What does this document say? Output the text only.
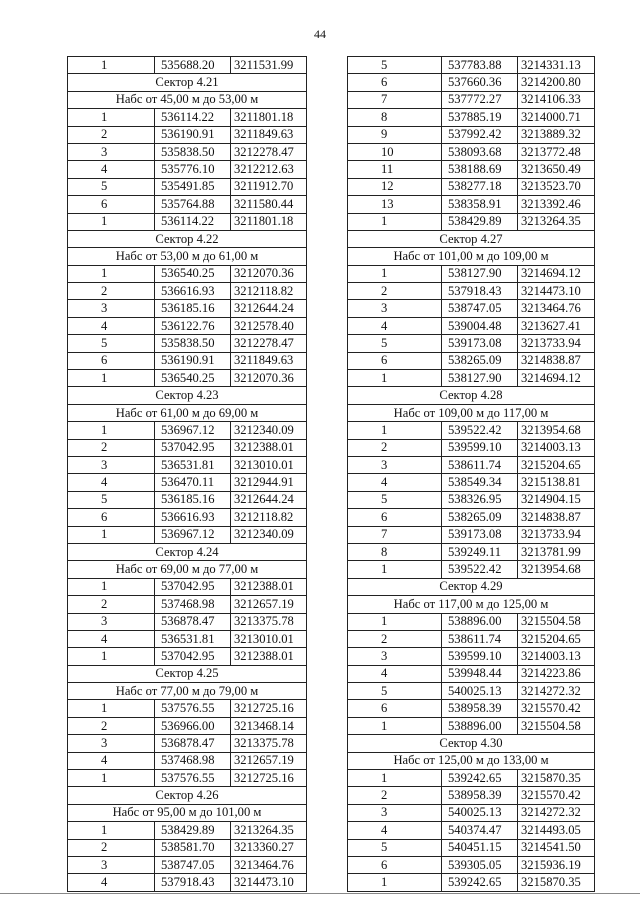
44
1	535688.20	3211531.99
Сектор 4.21		
Набс от 45,00 м до 53,00 м		
1	536114.22	3211801.18
2	536190.91	3211849.63
3	535838.50	3212278.47
4	535776.10	3212212.63
5	535491.85	3211912.70
6	535764.88	3211580.44
1	536114.22	3211801.18
Сектор 4.22		
Набс от 53,00 м до 61,00 м		
1	536540.25	3212070.36
2	536616.93	3212118.82
3	536185.16	3212644.24
4	536122.76	3212578.40
5	535838.50	3212278.47
6	536190.91	3211849.63
1	536540.25	3212070.36
Сектор 4.23		
Набс от 61,00 м до 69,00 м		
1	536967.12	3212340.09
2	537042.95	3212388.01
3	536531.81	3213010.01
4	536470.11	3212944.91
5	536185.16	3212644.24
6	536616.93	3212118.82
1	536967.12	3212340.09
Сектор 4.24		
Набс от 69,00 м до 77,00 м		
1	537042.95	3212388.01
2	537468.98	3212657.19
3	536878.47	3213375.78
4	536531.81	3213010.01
1	537042.95	3212388.01
Сектор 4.25		
Набс от 77,00 м до 79,00 м		
1	537576.55	3212725.16
2	536966.00	3213468.14
3	536878.47	3213375.78
4	537468.98	3212657.19
1	537576.55	3212725.16
Сектор 4.26		
Набс от 95,00 м до 101,00 м		
1	538429.89	3213264.35
2	538581.70	3213360.27
3	538747.05	3213464.76
4	537918.43	3214473.10
5	537783.88	3214331.13
6	537660.36	3214200.80
7	537772.27	3214106.33
8	537885.19	3214000.71
9	537992.42	3213889.32
10	538093.68	3213772.48
11	538188.69	3213650.49
12	538277.18	3213523.70
13	538358.91	3213392.46
1	538429.89	3213264.35
Сектор 4.27		
Набс от 101,00 м до 109,00 м		
1	538127.90	3214694.12
2	537918.43	3214473.10
3	538747.05	3213464.76
4	539004.48	3213627.41
5	539173.08	3213733.94
6	538265.09	3214838.87
1	538127.90	3214694.12
Сектор 4.28		
Набс от 109,00 м до 117,00 м		
1	539522.42	3213954.68
2	539599.10	3214003.13
3	538611.74	3215204.65
4	538549.34	3215138.81
5	538326.95	3214904.15
6	538265.09	3214838.87
7	539173.08	3213733.94
8	539249.11	3213781.99
1	539522.42	3213954.68
Сектор 4.29		
Набс от 117,00 м до 125,00 м		
1	538896.00	3215504.58
2	538611.74	3215204.65
3	539599.10	3214003.13
4	539948.44	3214223.86
5	540025.13	3214272.32
6	538958.39	3215570.42
1	538896.00	3215504.58
Сектор 4.30		
Набс от 125,00 м до 133,00 м		
1	539242.65	3215870.35
2	538958.39	3215570.42
3	540025.13	3214272.32
4	540374.47	3214493.05
5	540451.15	3214541.50
6	539305.05	3215936.19
1	539242.65	3215870.35
